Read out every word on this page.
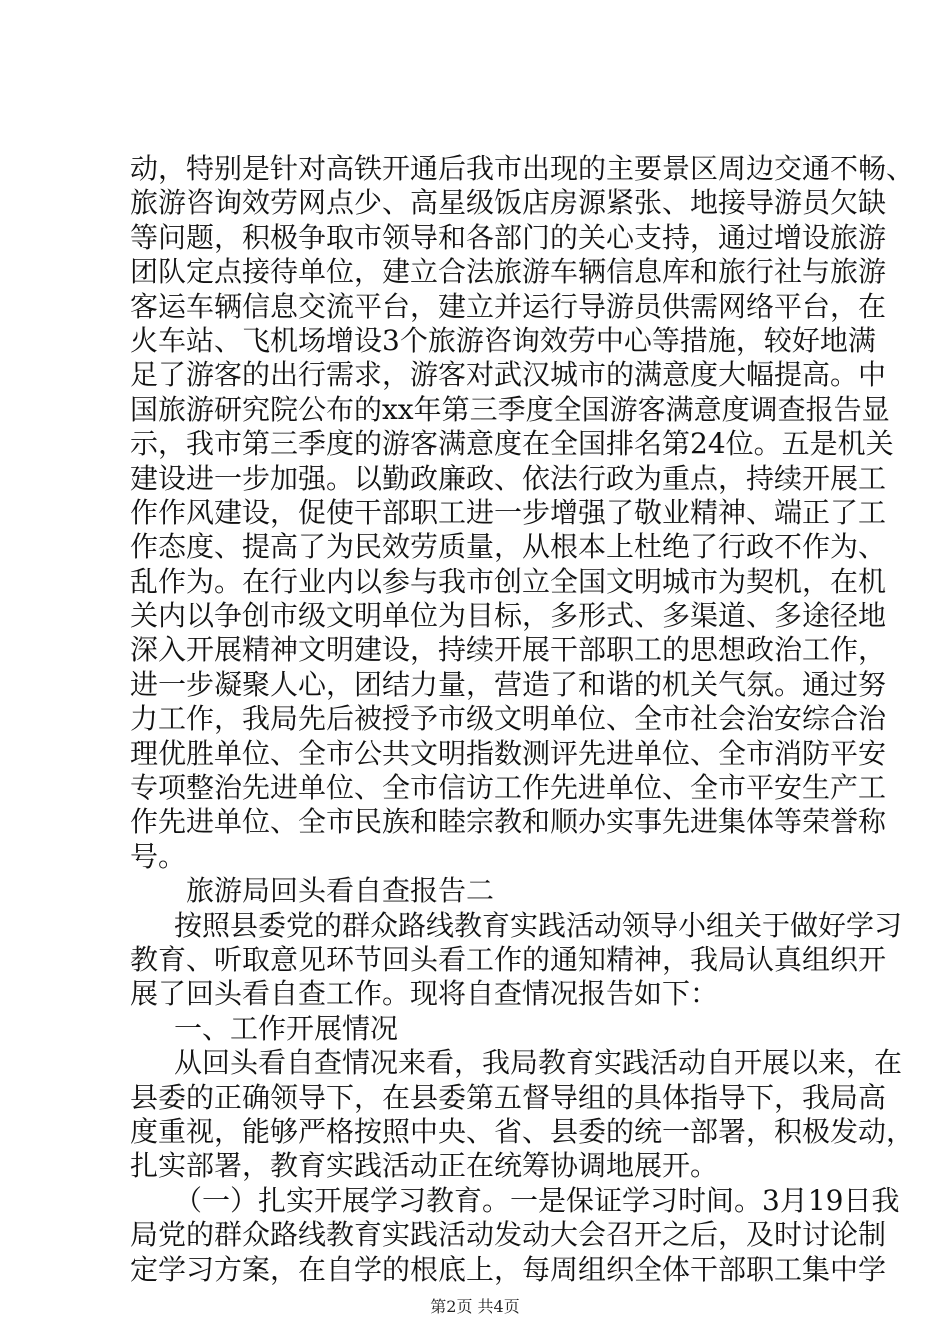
动，特别是针对高铁开通后我市出现的主要景区周边交通不畅、
旅游咨询效劳网点少、高星级饭店房源紧张、地接导游员欠缺
等问题，积极争取市领导和各部门的关心支持，通过增设旅游
团队定点接待单位，建立合法旅游车辆信息库和旅行社与旅游
客运车辆信息交流平台，建立并运行导游员供需网络平台，在
火车站、飞机场增设3个旅游咨询效劳中心等措施，较好地满
足了游客的出行需求，游客对武汉城市的满意度大幅提高。中
国旅游研究院公布的xx年第三季度全国游客满意度调查报告显
示，我市第三季度的游客满意度在全国排名第24位。五是机关
建设进一步加强。以勤政廉政、依法行政为重点，持续开展工
作作风建设，促使干部职工进一步增强了敬业精神、端正了工
作态度、提高了为民效劳质量，从根本上杜绝了行政不作为、
乱作为。在行业内以参与我市创立全国文明城市为契机，在机
关内以争创市级文明单位为目标，多形式、多渠道、多途径地
深入开展精神文明建设，持续开展干部职工的思想政治工作，
进一步凝聚人心，团结力量，营造了和谐的机关气氛。通过努
力工作，我局先后被授予市级文明单位、全市社会治安综合治
理优胜单位、全市公共文明指数测评先进单位、全市消防平安
专项整治先进单位、全市信访工作先进单位、全市平安生产工
作先进单位、全市民族和睦宗教和顺办实事先进集体等荣誉称
号。
旅游局回头看自查报告二
按照县委党的群众路线教育实践活动领导小组关于做好学习
教育、听取意见环节回头看工作的通知精神，我局认真组织开
展了回头看自查工作。现将自查情况报告如下：
一、工作开展情况
从回头看自查情况来看，我局教育实践活动自开展以来，在
县委的正确领导下，在县委第五督导组的具体指导下，我局高
度重视，能够严格按照中央、省、县委的统一部署，积极发动，
扎实部署，教育实践活动正在统筹协调地展开。
（一）扎实开展学习教育。一是保证学习时间。3月19日我
局党的群众路线教育实践活动发动大会召开之后，及时讨论制
定学习方案，在自学的根底上，每周组织全体干部职工集中学
第2页 共4页
